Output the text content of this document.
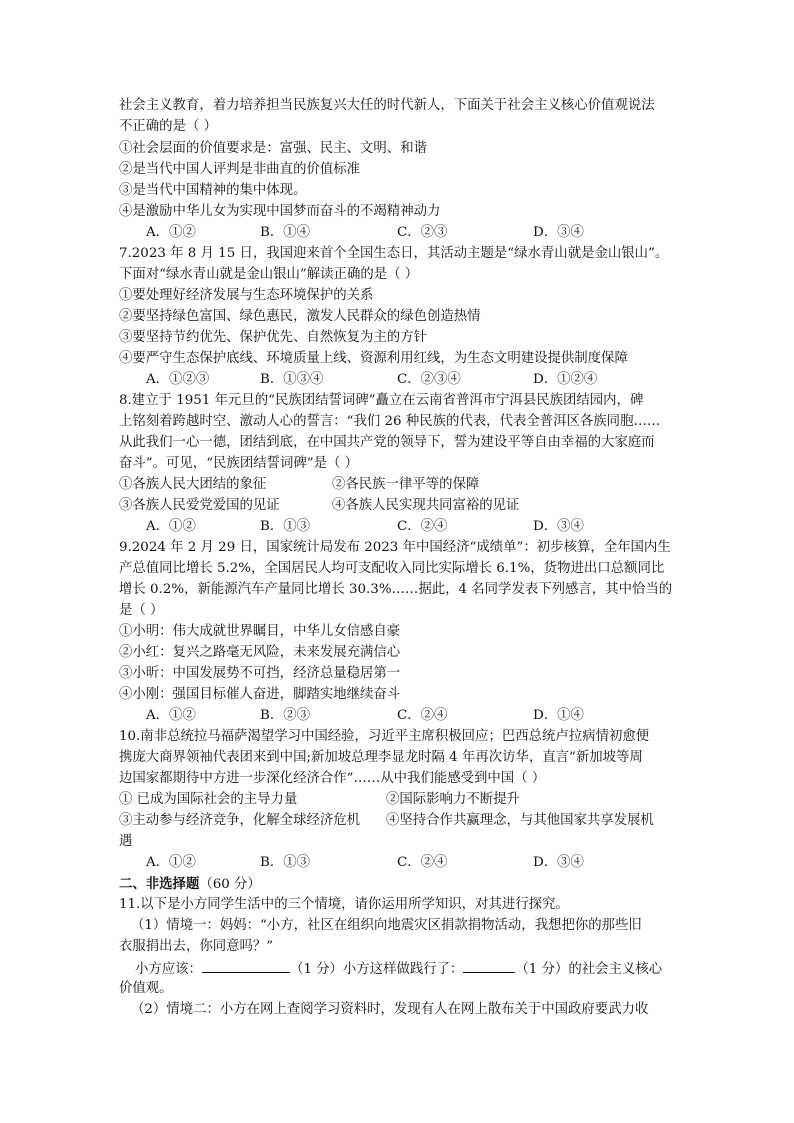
社会主义教育，着力培养担当民族复兴大任的时代新人，下面关于社会主义核心价值观说法
不正确的是（ ）
①社会层面的价值要求是：富强、民主、文明、和谐
②是当代中国人评判是非曲直的价值标准
③是当代中国精神的集中体现。
④是激励中华儿女为实现中国梦而奋斗的不竭精神动力
A．①②	B．①④	C．②③	D．③④
7.2023 年 8 月 15 日，我国迎来首个全国生态日，其活动主题是“绿水青山就是金山银山”。
下面对“绿水青山就是金山银山”解读正确的是（ ）
①要处理好经济发展与生态环境保护的关系
②要坚持绿色富国、绿色惠民，激发人民群众的绿色创造热情
③要坚持节约优先、保护优先、自然恢复为主的方针
④要严守生态保护底线、环境质量上线、资源利用红线，为生态文明建设提供制度保障
A．①②③	B．①③④	C．②③④	D．①②④
8.建立于 1951 年元旦的“民族团结誓词碑”矗立在云南省普洱市宁洱县民族团结园内，碑
上铭刻着跨越时空、激动人心的誓言：“我们 26 种民族的代表，代表全普洱区各族同胞……
从此我们一心一德，团结到底，在中国共产党的领导下，誓为建设平等自由幸福的大家庭而
奋斗”。可见，“民族团结誓词碑”是（ ）
①各族人民大团结的象征	②各民族一律平等的保障
③各族人民爱党爱国的见证	④各族人民实现共同富裕的见证
A．①②	B．①③	C．②④	D．③④
9.2024 年 2 月 29 日，国家统计局发布 2023 年中国经济“成绩单”：初步核算，全年国内生
产总值同比增长 5.2%，全国居民人均可支配收入同比实际增长 6.1%，货物进出口总额同比
增长 0.2%，新能源汽车产量同比增长 30.3%……据此，4 名同学发表下列感言，其中恰当的
是（ ）
①小明：伟大成就世界瞩目，中华儿女信感自豪
②小红：复兴之路毫无风险，未来发展充满信心
③小昕：中国发展势不可挡，经济总量稳居第一
④小刚：强国目标催人奋进，脚踏实地继续奋斗
A．①②	B．②③	C．②④	D．①④
10.南非总统拉马福萨渴望学习中国经验，习近平主席积极回应；巴西总统卢拉病情初愈便
携庞大商界领袖代表团来到中国;新加坡总理李显龙时隔 4 年再次访华，直言“新加坡等周
边国家都期待中方进一步深化经济合作”……从中我们能感受到中国（ ）
① 已成为国际社会的主导力量	②国际影响力不断提升
③主动参与经济竞争，化解全球经济危机 ④坚持合作共赢理念，与其他国家共享发展机
遇
A．①②	B．①③	C．②④	D．③④
二、非选择题（60 分）
11.以下是小方同学生活中的三个情境，请你运用所学知识，对其进行探究。
（1）情境一：妈妈：“小方，社区在组织向地震灾区捐款捐物活动，我想把你的那些旧
衣服捐出去，你同意吗？”
小方应该：	（1 分）小方这样做践行了：	（1 分）的社会主义核心
价值观。
（2）情境二：小方在网上查阅学习资料时，发现有人在网上散布关于中国政府要武力收
